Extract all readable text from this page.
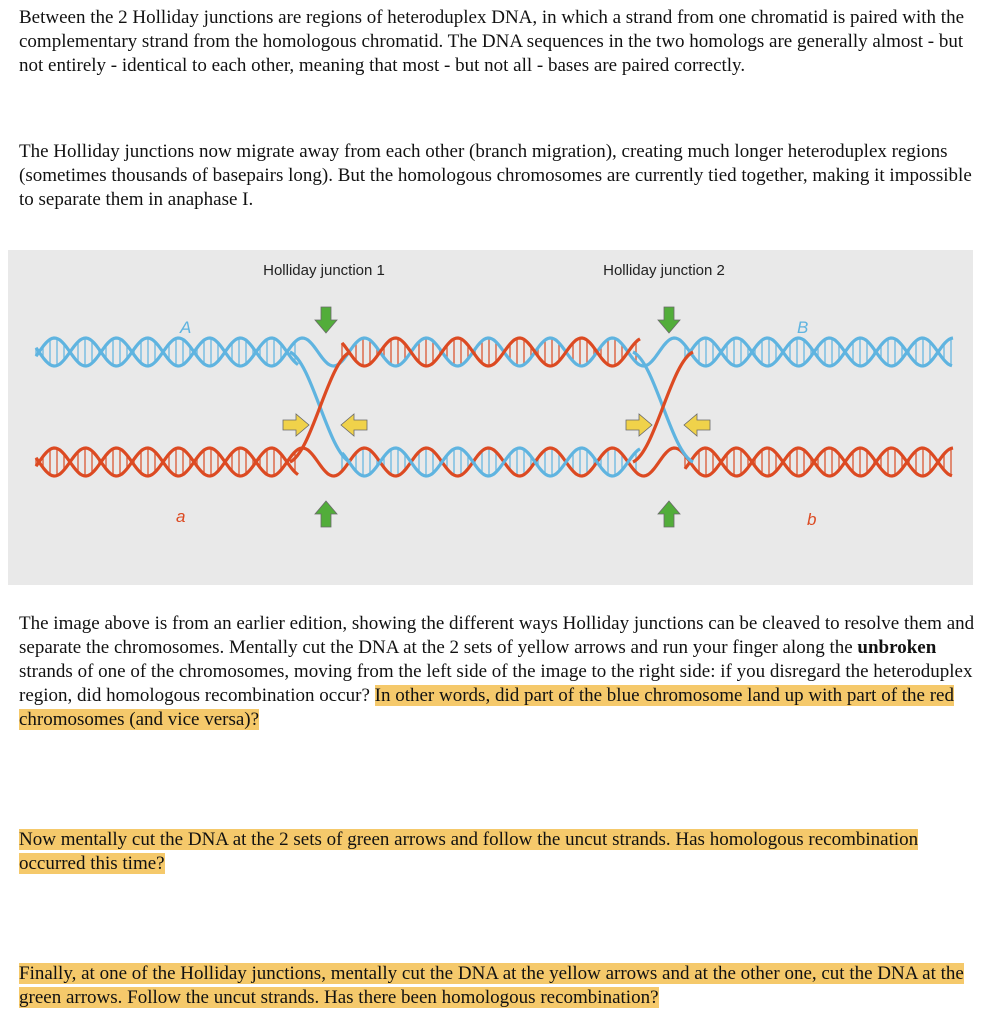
Between the 2 Holliday junctions are regions of heteroduplex DNA, in which a strand from one chromatid is paired with the complementary strand from the homologous chromatid. The DNA sequences in the two homologs are generally almost - but not entirely - identical to each other, meaning that most - but not all - bases are paired correctly.

The Holliday junctions now migrate away from each other (branch migration), creating much longer heteroduplex regions (sometimes thousands of basepairs long). But the homologous chromosomes are currently tied together, making it impossible to separate them in anaphase I.

Holliday junction 1	Holliday junction 2
A	B
a	b

The image above is from an earlier edition, showing the different ways Holliday junctions can be cleaved to resolve them and separate the chromosomes. Mentally cut the DNA at the 2 sets of yellow arrows and run your finger along the unbroken strands of one of the chromosomes, moving from the left side of the image to the right side: if you disregard the heteroduplex region, did homologous recombination occur? In other words, did part of the blue chromosome land up with part of the red chromosomes (and vice versa)?

Now mentally cut the DNA at the 2 sets of green arrows and follow the uncut strands. Has homologous recombination occurred this time?

Finally, at one of the Holliday junctions, mentally cut the DNA at the yellow arrows and at the other one, cut the DNA at the green arrows. Follow the uncut strands. Has there been homologous recombination?
